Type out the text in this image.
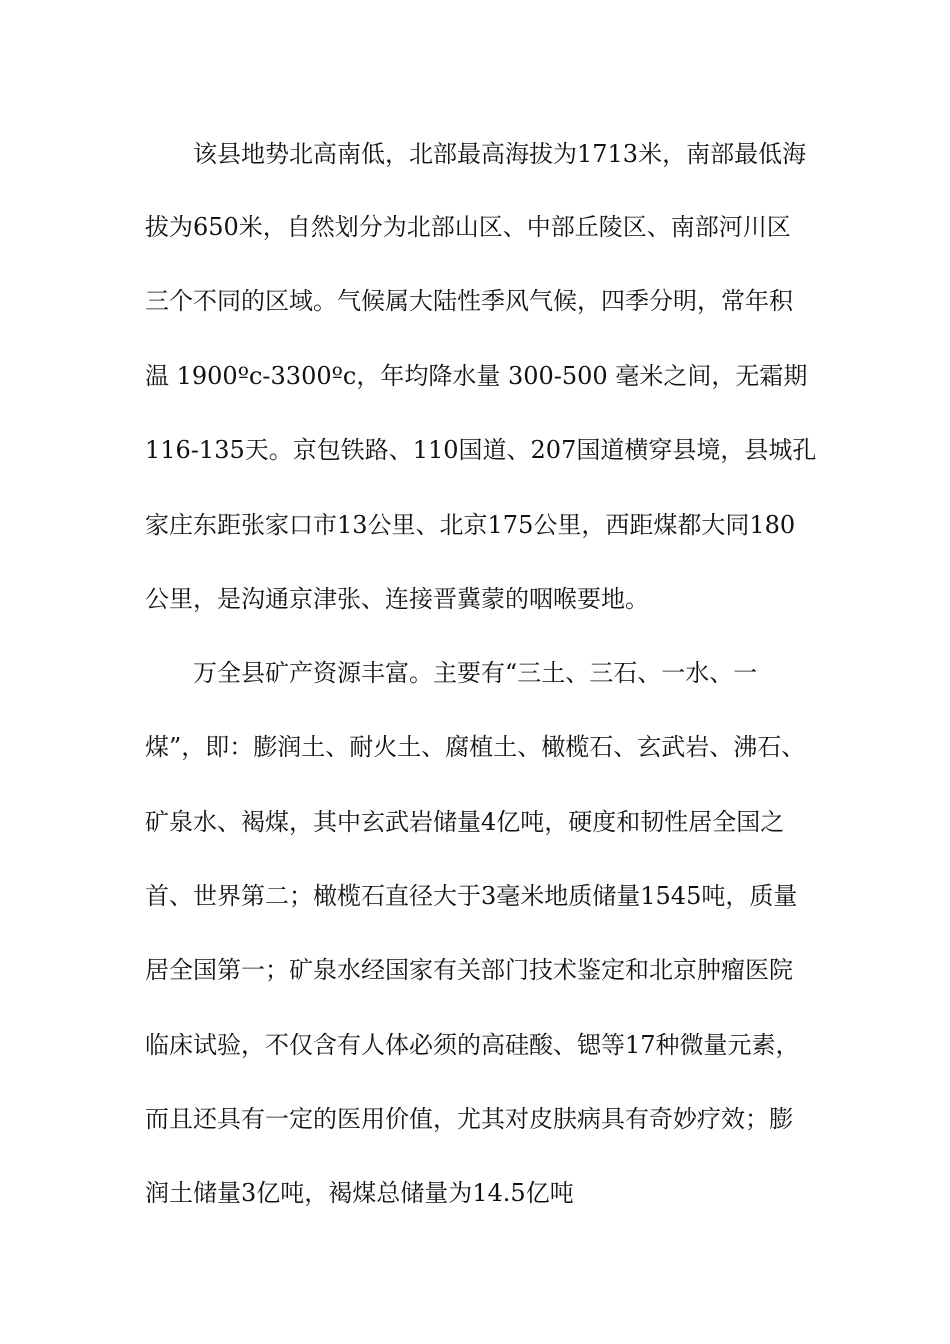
该县地势北高南低，北部最高海拔为1713米，南部最低海
拔为650米，自然划分为北部山区、中部丘陵区、南部河川区
三个不同的区域。气候属大陆性季风气候，四季分明，常年积
温 1900ºc-3300ºc，年均降水量 300-500 毫米之间，无霜期
116-135天。京包铁路、110国道、207国道横穿县境，县城孔
家庄东距张家口市13公里、北京175公里，西距煤都大同180
公里，是沟通京津张、连接晋冀蒙的咽喉要地。
万全县矿产资源丰富。主要有“三土、三石、一水、一
煤”，即：膨润土、耐火土、腐植土、橄榄石、玄武岩、沸石、
矿泉水、褐煤，其中玄武岩储量4亿吨，硬度和韧性居全国之
首、世界第二；橄榄石直径大于3毫米地质储量1545吨，质量
居全国第一；矿泉水经国家有关部门技术鉴定和北京肿瘤医院
临床试验，不仅含有人体必须的高硅酸、锶等17种微量元素，
而且还具有一定的医用价值，尤其对皮肤病具有奇妙疗效；膨
润土储量3亿吨，褐煤总储量为14.5亿吨
